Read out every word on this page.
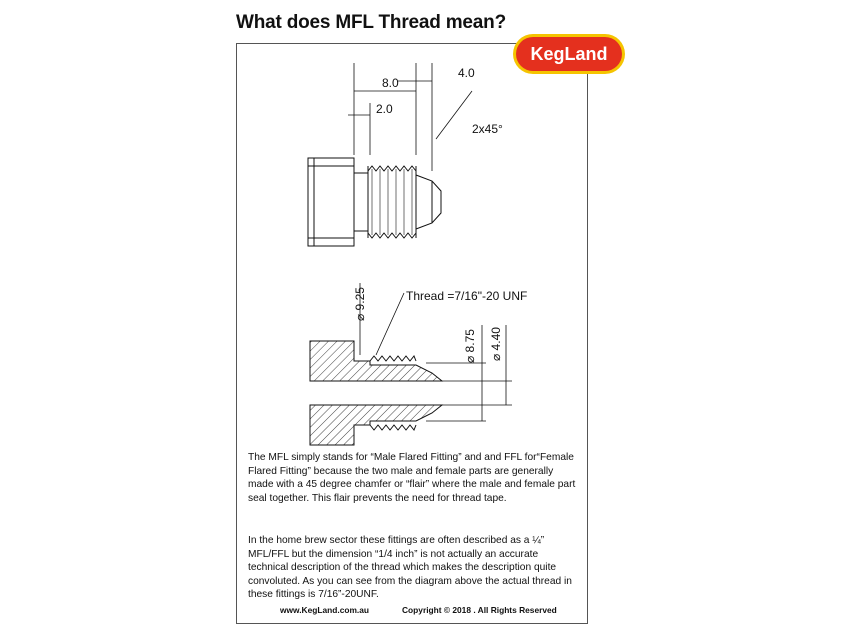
What does MFL Thread mean?
KegLand
8.0
4.0
2.0
2x45°
Thread =7/16"-20 UNF
⌀ 9.25
⌀ 8.75 ⌀ 4.40
The MFL simply stands for “Male Flared Fitting” and and FFL for“Female Flared Fitting” because the two male and female parts are generally made with a 45 degree chamfer or “flair” where the male and female part seal together. This flair prevents the need for thread tape.
In the home brew sector these fittings are often described as a ¼” MFL/FFL but the dimension “1/4 inch” is not actually an accurate technical description of the thread which makes the description quite convoluted. As you can see from the diagram above the actual thread in these fittings is 7/16”-20UNF.
www.KegLand.com.au	Copyright © 2018 . All Rights Reserved
